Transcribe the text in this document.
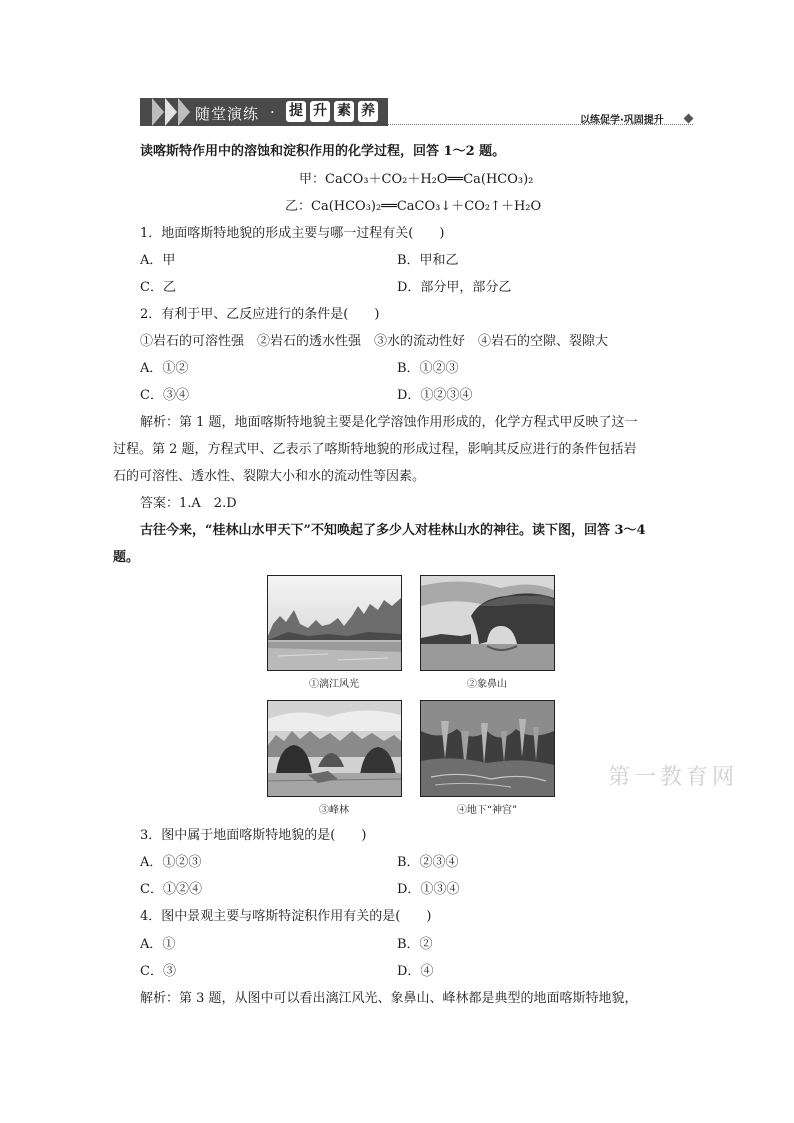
随堂演练 · 提 升 素 养
以练促学·巩固提升
读喀斯特作用中的溶蚀和淀积作用的化学过程，回答 1～2 题。
甲：CaCO₃＋CO₂＋H₂O══Ca(HCO₃)₂
乙：Ca(HCO₃)₂══CaCO₃↓＋CO₂↑＋H₂O
1．地面喀斯特地貌的形成主要与哪一过程有关(　　)
A．甲	B．甲和乙
C．乙	D．部分甲，部分乙
2．有利于甲、乙反应进行的条件是(　　)
①岩石的可溶性强　②岩石的透水性强　③水的流动性好　④岩石的空隙、裂隙大
A．①②	B．①②③
C．③④	D．①②③④
解析：第 1 题，地面喀斯特地貌主要是化学溶蚀作用形成的，化学方程式甲反映了这一
过程。第 2 题，方程式甲、乙表示了喀斯特地貌的形成过程，影响其反应进行的条件包括岩
石的可溶性、透水性、裂隙大小和水的流动性等因素。
答案：1.A　2.D
古往今来，“桂林山水甲天下”不知唤起了多少人对桂林山水的神往。读下图，回答 3～4
题。
①漓江风光	②象鼻山
③峰林	④地下“神宫”
第一教育网
3．图中属于地面喀斯特地貌的是(　　)
A．①②③	B．②③④
C．①②④	D．①③④
4．图中景观主要与喀斯特淀积作用有关的是(　　)
A．①	B．②
C．③	D．④
解析：第 3 题，从图中可以看出漓江风光、象鼻山、峰林都是典型的地面喀斯特地貌，
